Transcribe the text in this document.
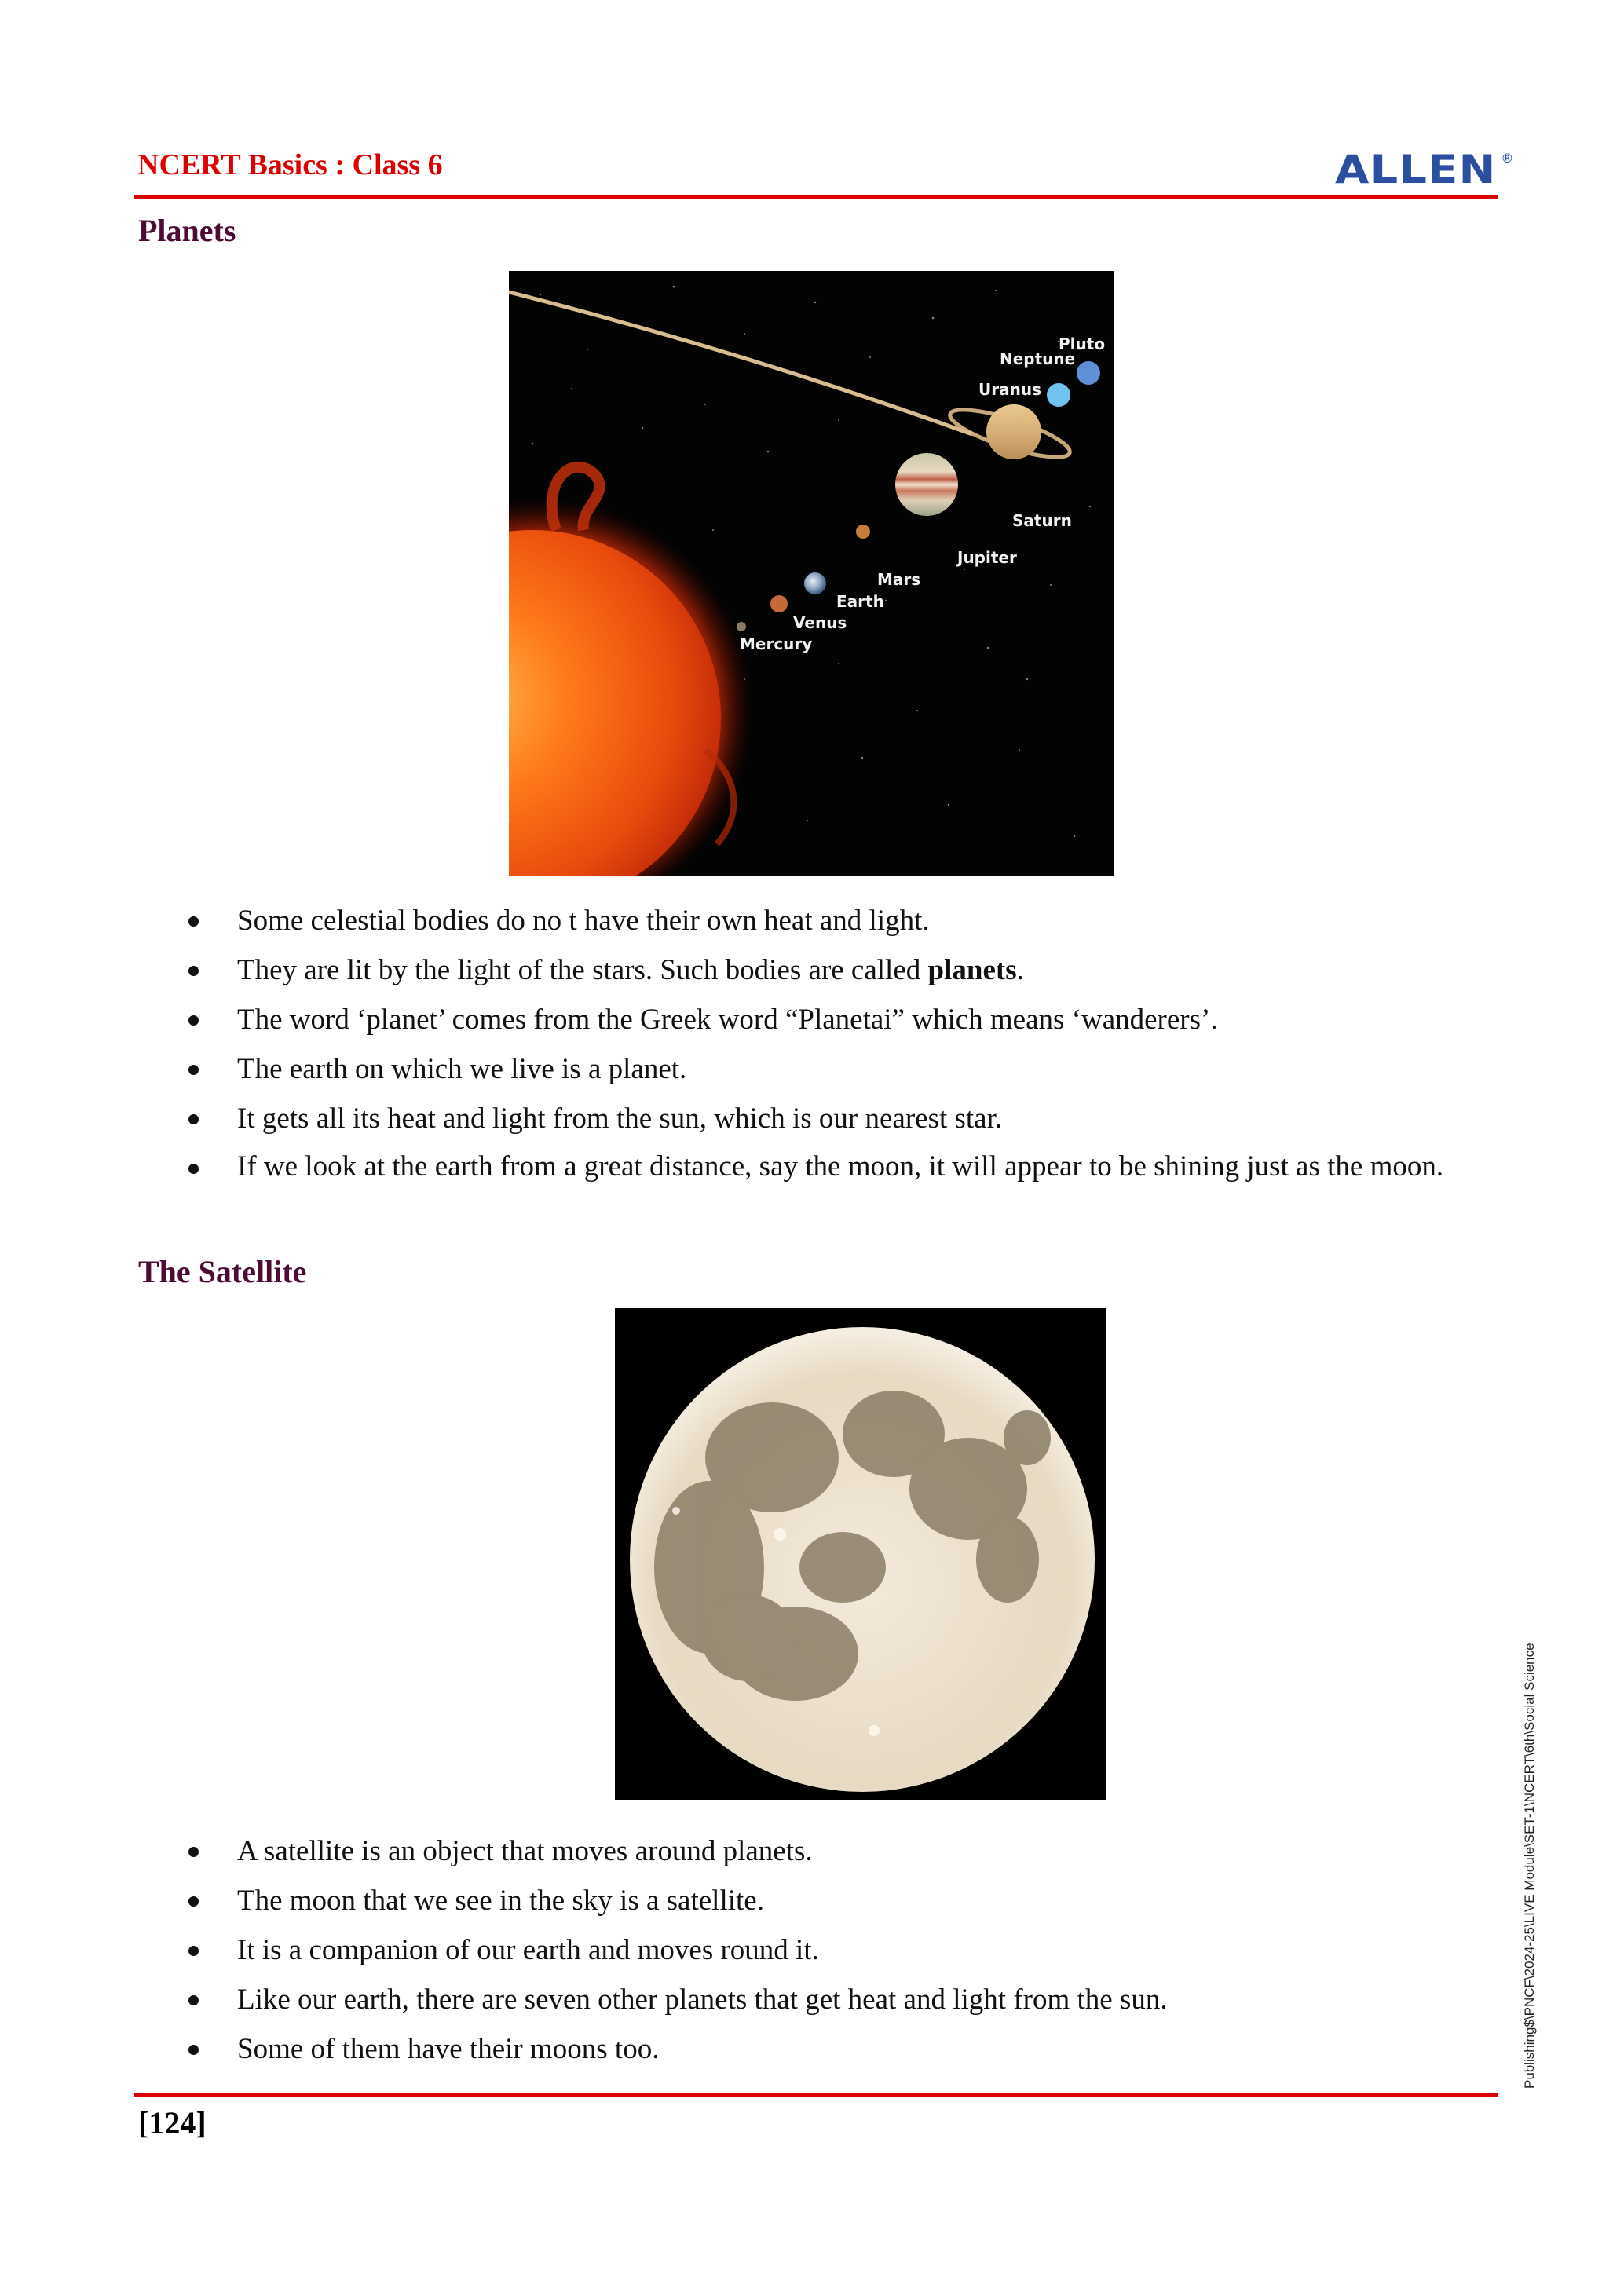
NCERT Basics : Class 6	ALLEN ®
Planets
Mercury
Venus
Earth
Mars
Jupiter
Saturn
Uranus
Neptune
Pluto
Some celestial bodies do no t have their own heat and light.
They are lit by the light of the stars. Such bodies are called planets.
The word ‘planet’ comes from the Greek word “Planetai” which means ‘wanderers’.
The earth on which we live is a planet.
It gets all its heat and light from the sun, which is our nearest star.
If we look at the earth from a great distance, say the moon, it will appear to be shining just as the moon.
The Satellite
A satellite is an object that moves around planets.
The moon that we see in the sky is a satellite.
It is a companion of our earth and moves round it.
Like our earth, there are seven other planets that get heat and light from the sun.
Some of them have their moons too.
[124]
Publishing$\PNCF\2024-25\LIVE Module\SET-1\NCERT\6th\Social Science
